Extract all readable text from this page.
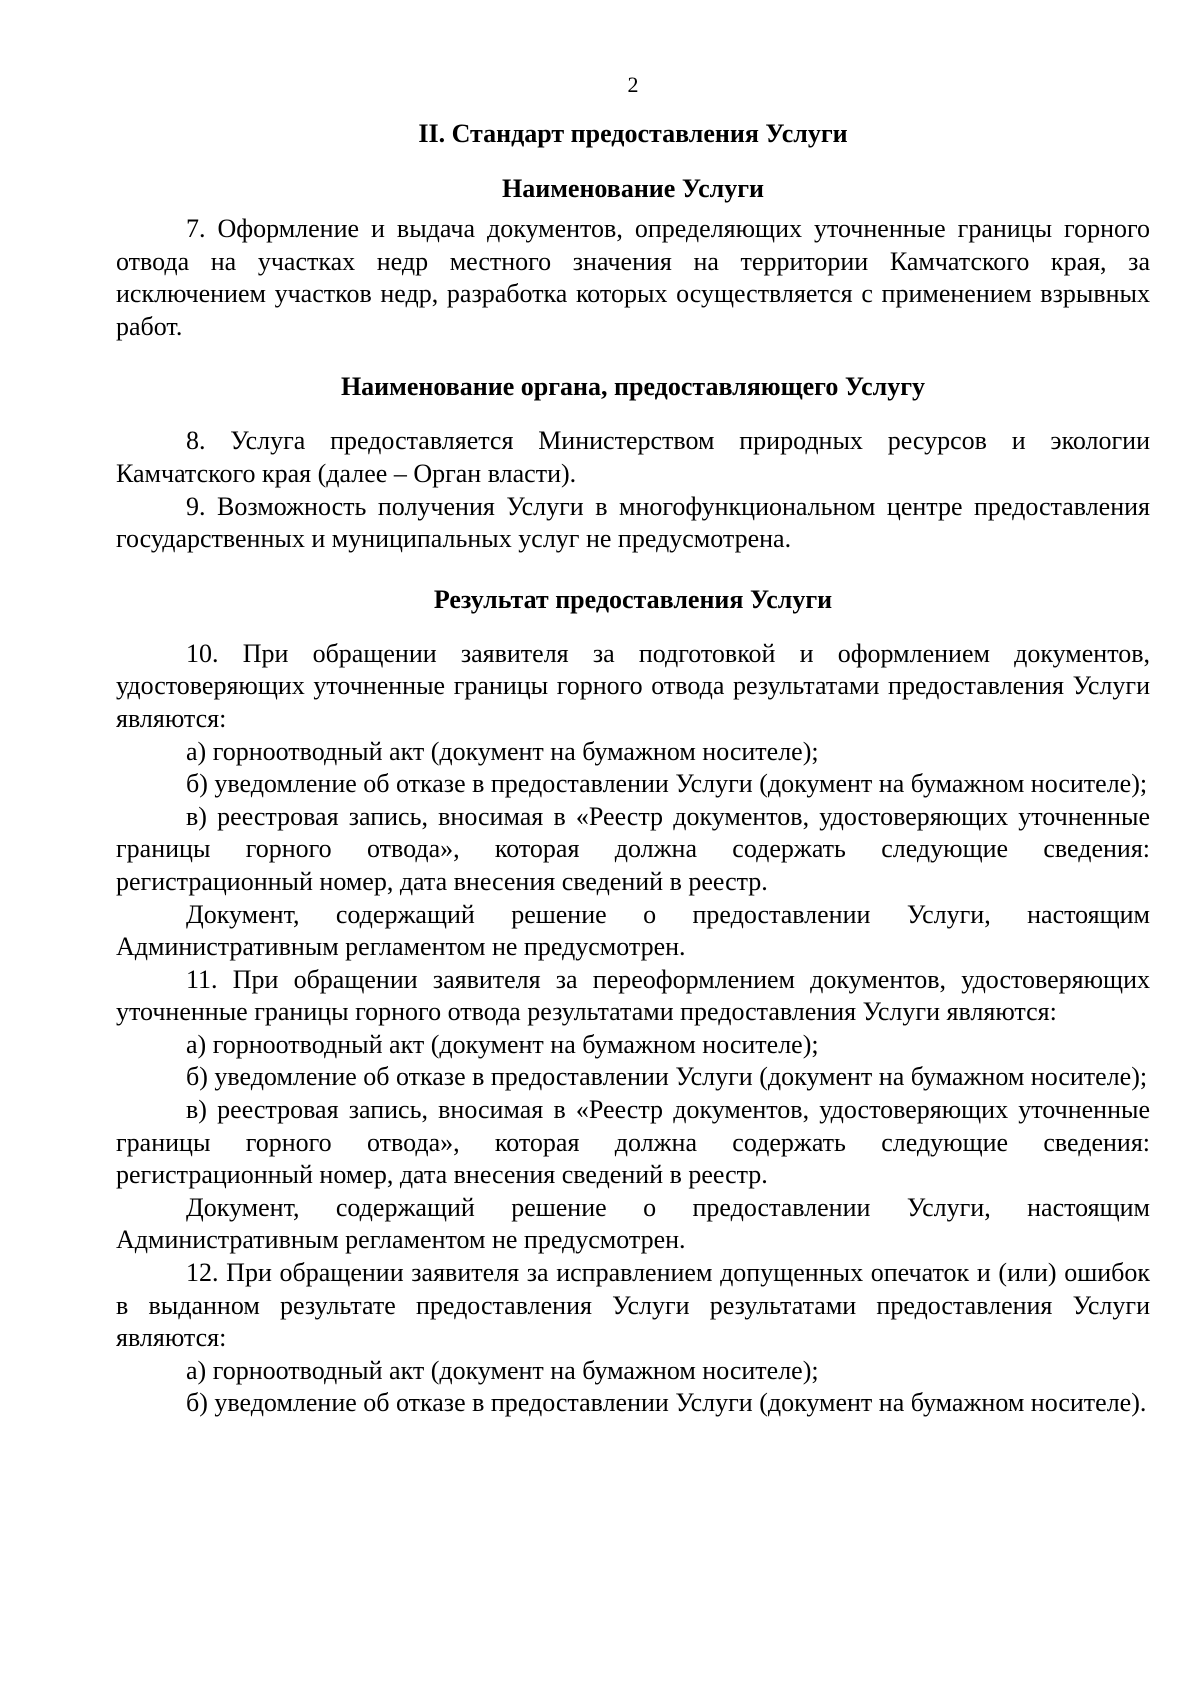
2
II. Стандарт предоставления Услуги
Наименование Услуги

7. Оформление и выдача документов, определяющих уточненные границы горного отвода на участках недр местного значения на территории Камчатского края, за исключением участков недр, разработка которых осуществляется с применением взрывных работ.

Наименование органа, предоставляющего Услугу

8. Услуга предоставляется Министерством природных ресурсов и экологии Камчатского края (далее – Орган власти).

9. Возможность получения Услуги в многофункциональном центре предоставления государственных и муниципальных услуг не предусмотрена.

Результат предоставления Услуги

10. При обращении заявителя за подготовкой и оформлением документов, удостоверяющих уточненные границы горного отвода результатами предоставления Услуги являются:

а) горноотводный акт (документ на бумажном носителе);

б) уведомление об отказе в предоставлении Услуги (документ на бумажном носителе);

в) реестровая запись, вносимая в «Реестр документов, удостоверяющих уточненные границы горного отвода», которая должна содержать следующие сведения: регистрационный номер, дата внесения сведений в реестр.

Документ, содержащий решение о предоставлении Услуги, настоящим Административным регламентом не предусмотрен.

11. При обращении заявителя за переоформлением документов, удостоверяющих уточненные границы горного отвода результатами предоставления Услуги являются:

а) горноотводный акт (документ на бумажном носителе);

б) уведомление об отказе в предоставлении Услуги (документ на бумажном носителе);

в) реестровая запись, вносимая в «Реестр документов, удостоверяющих уточненные границы горного отвода», которая должна содержать следующие сведения: регистрационный номер, дата внесения сведений в реестр.

Документ, содержащий решение о предоставлении Услуги, настоящим Административным регламентом не предусмотрен.

12. При обращении заявителя за исправлением допущенных опечаток и (или) ошибок в выданном результате предоставления Услуги результатами предоставления Услуги являются:

а) горноотводный акт (документ на бумажном носителе);

б) уведомление об отказе в предоставлении Услуги (документ на бумажном носителе).
